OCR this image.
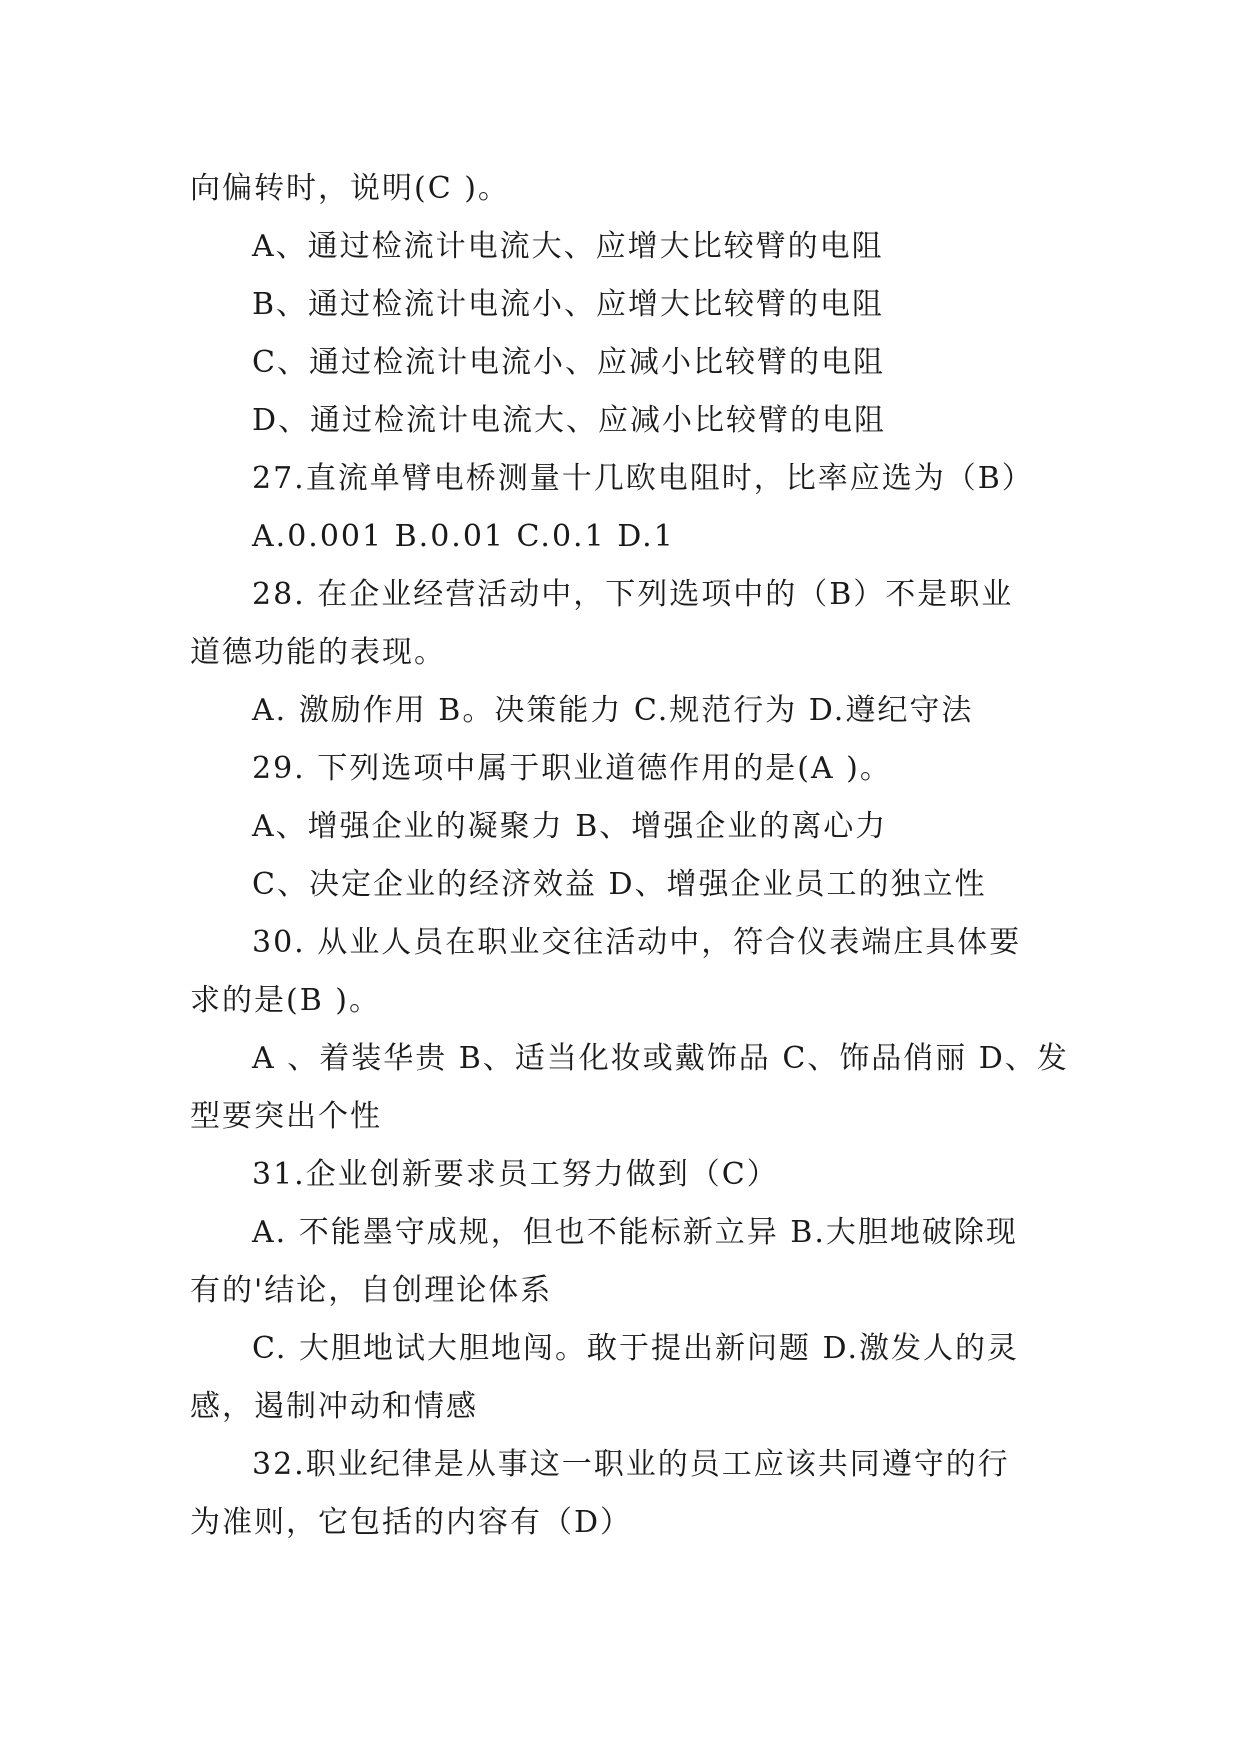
向偏转时，说明(C )。
A、通过检流计电流大、应增大比较臂的电阻
B、通过检流计电流小、应增大比较臂的电阻
C、通过检流计电流小、应减小比较臂的电阻
D、通过检流计电流大、应减小比较臂的电阻
27.直流单臂电桥测量十几欧电阻时，比率应选为（B）
A.0.001 B.0.01 C.0.1 D.1
28. 在企业经营活动中，下列选项中的（B）不是职业
道德功能的表现。
A. 激励作用 B。决策能力 C.规范行为 D.遵纪守法
29. 下列选项中属于职业道德作用的是(A )。
A、增强企业的凝聚力 B、增强企业的离心力
C、决定企业的经济效益 D、增强企业员工的独立性
30. 从业人员在职业交往活动中，符合仪表端庄具体要
求的是(B )。
A 、着装华贵 B、适当化妆或戴饰品 C、饰品俏丽 D、发
型要突出个性
31.企业创新要求员工努力做到（C）
A. 不能墨守成规，但也不能标新立异 B.大胆地破除现
有的'结论，自创理论体系
C. 大胆地试大胆地闯。敢于提出新问题 D.激发人的灵
感，遏制冲动和情感
32.职业纪律是从事这一职业的员工应该共同遵守的行
为准则，它包括的内容有（D）
